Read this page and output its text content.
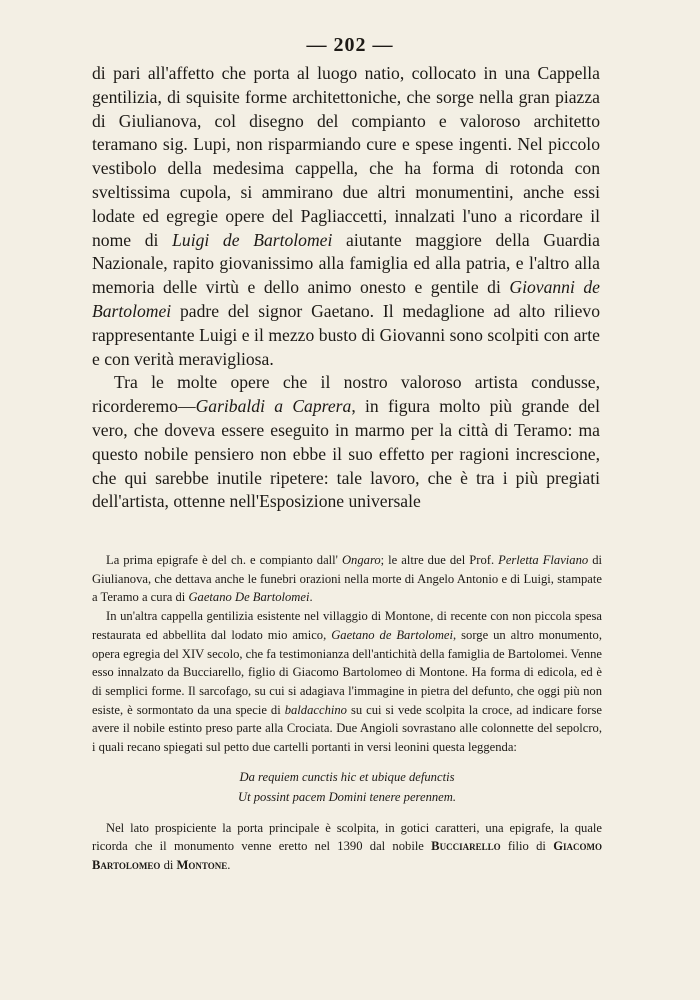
— 202 —

di pari all'affetto che porta al luogo natio, collocato in una Cappella gentilizia, di squisite forme architettoniche, che sorge nella gran piazza di Giulianova, col disegno del compianto e valoroso architetto teramano sig. Lupi, non risparmiando cure e spese ingenti. Nel piccolo vestibolo della medesima cappella, che ha forma di rotonda con sveltissima cupola, si ammirano due altri monumentini, anche essi lodate ed egregie opere del Pagliaccetti, innalzati l'uno a ricordare il nome di Luigi de Bartolomei aiutante maggiore della Guardia Nazionale, rapito giovanissimo alla famiglia ed alla patria, e l'altro alla memoria delle virtù e dello animo onesto e gentile di Giovanni de Bartolomei padre del signor Gaetano. Il medaglione ad alto rilievo rappresentante Luigi e il mezzo busto di Giovanni sono scolpiti con arte e con verità meravigliosa.

Tra le molte opere che il nostro valoroso artista condusse, ricorderemo—Garibaldi a Caprera, in figura molto più grande del vero, che doveva essere eseguito in marmo per la città di Teramo: ma questo nobile pensiero non ebbe il suo effetto per ragioni increscione, che qui sarebbe inutile ripetere: tale lavoro, che è tra i più pregiati dell'artista, ottenne nell'Esposizione universale

La prima epigrafe è del ch. e compianto dall' Ongaro; le altre due del Prof. Perletta Flaviano di Giulianova, che dettava anche le funebri orazioni nella morte di Angelo Antonio e di Luigi, stampate a Teramo a cura di Gaetano De Bartolomei.

In un'altra cappella gentilizia esistente nel villaggio di Montone, di recente con non piccola spesa restaurata ed abbellita dal lodato mio amico, Gaetano de Bartolomei, sorge un altro monumento, opera egregia del XIV secolo, che fa testimonianza dell'antichità della famiglia de Bartolomei. Venne esso innalzato da Bucciarello, figlio di Giacomo Bartolomeo di Montone. Ha forma di edicola, ed è di semplici forme. Il sarcofago, su cui si adagiava l'immagine in pietra del defunto, che oggi più non esiste, è sormontato da una specie di baldacchino su cui si vede scolpita la croce, ad indicare forse avere il nobile estinto preso parte alla Crociata. Due Angioli sovrastano alle colonnette del sepolcro, i quali recano spiegati sul petto due cartelli portanti in versi leonini questa leggenda:

Da requiem cunctis hic et ubique defunctis
Ut possint pacem Domini tenere perennem.

Nel lato prospiciente la porta principale è scolpita, in gotici caratteri, una epigrafe, la quale ricorda che il monumento venne eretto nel 1390 dal nobile Bucciarello filio di Giacomo Bartolomeo di Montone.
